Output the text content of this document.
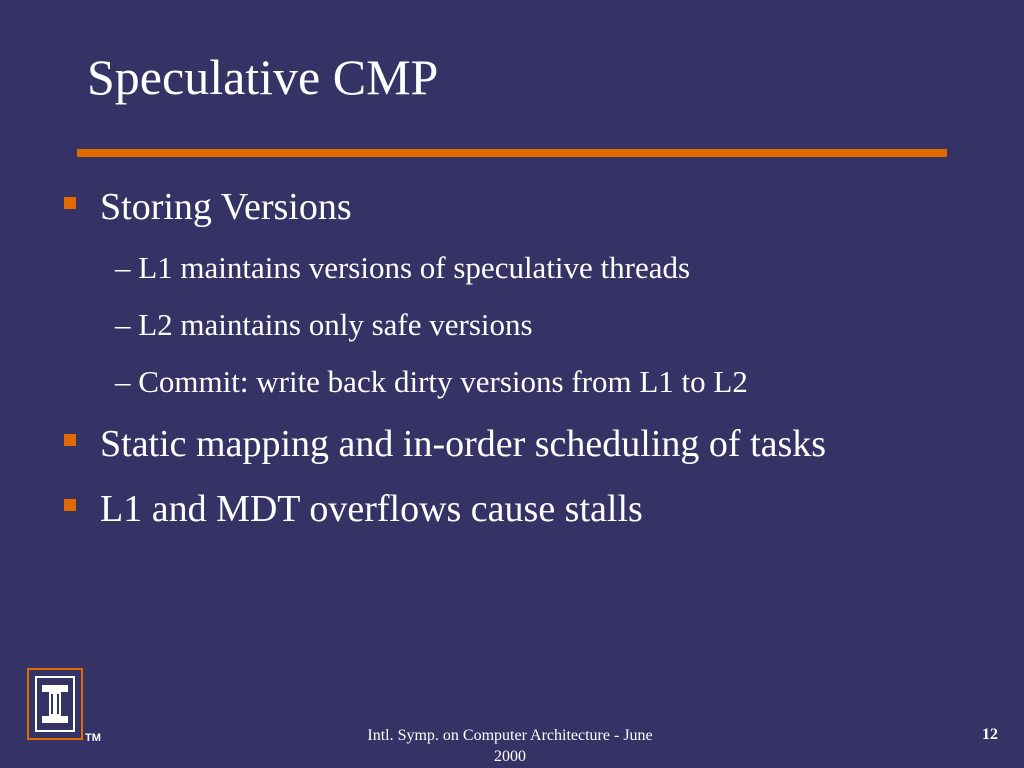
Speculative CMP
Storing Versions
– L1 maintains versions of speculative threads
– L2 maintains only safe versions
– Commit: write back dirty versions from L1 to L2
Static mapping and in-order scheduling of tasks
L1 and MDT overflows cause stalls
TM	Intl. Symp. on Computer Architecture - June
2000
12
